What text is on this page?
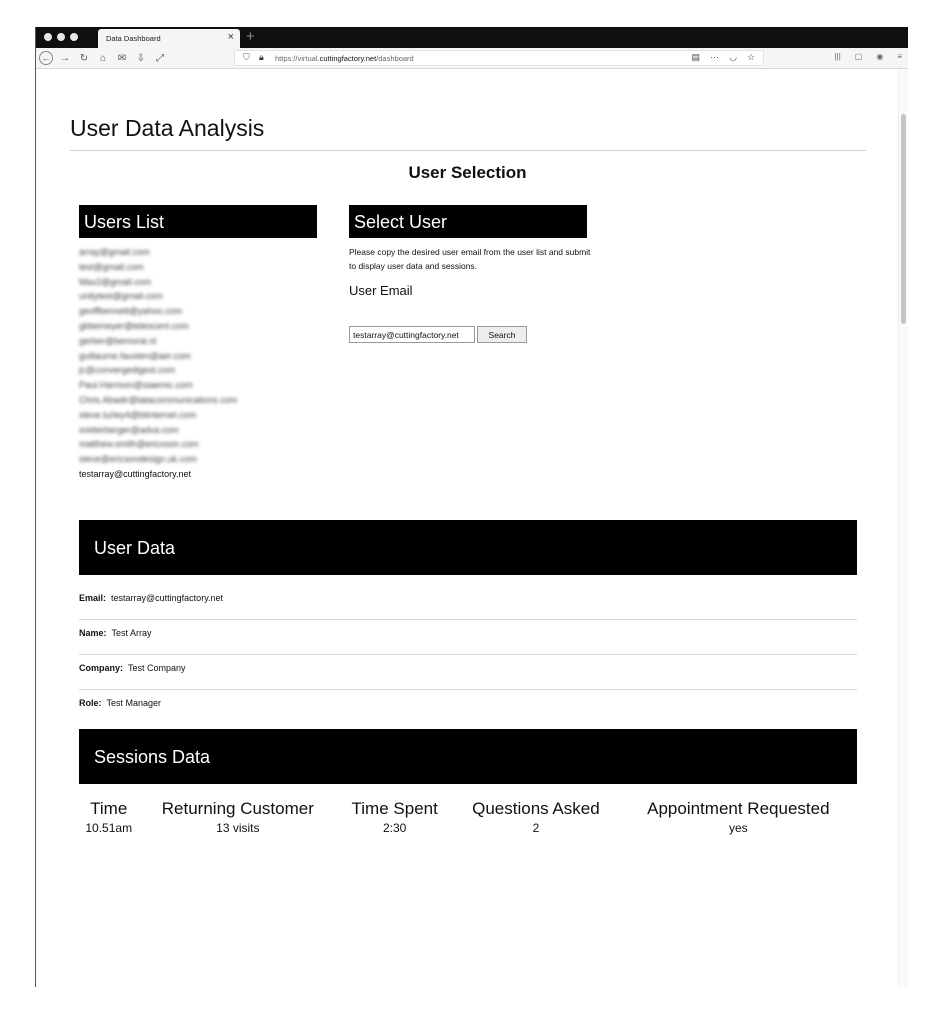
Data Dashboard	× +
← → ↻	⌂	✉ ⇩	⤢	⛉ 🔒︎ https://virtual.cuttingfactory.net/dashboard	▤ ··· ◡ ☆	||| ▢ ◉ ≡
User Data Analysis
User Selection
Users List
array@gmail.com
test@gmail.com
Max2@gmail.com
unitytest@gmail.com
geoffbennett@yahoo.com
gbbemeyer@telescent.com
gerber@bemoral.nl
guillaume.fausten@aer.com
jc@convergedigest.com
Paul.Harrison@siaemic.com
Chris.Abadir@tatacommunications.com
steve.turley4@btinternet.com
sretterberger@adva.com
matthew.smith@ericsson.com
steve@ericsondesign.uk.com
testarray@cuttingfactory.net
Select User

Please copy the desired user email from the user list and submit to display user data and sessions.

User Email
testarray@cuttingfactory.net
Search
User Data
Email: testarray@cuttingfactory.net
Name: Test Array
Company: Test Company
Role: Test Manager
Sessions Data
Time	Returning Customer	Time Spent	Questions Asked	Appointment Requested
10.51am	13 visits	2:30	2	yes
